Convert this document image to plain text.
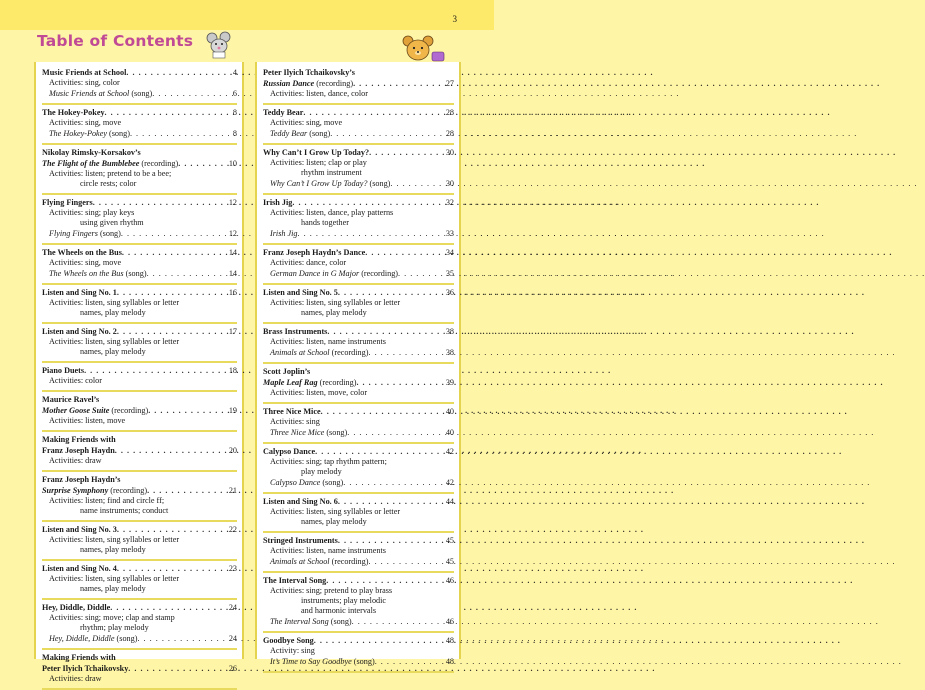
3
Table of Contents
Music Friends at School . . .	4
Activities: sing, color
Music Friends at School (song) . . .	6
The Hokey-Pokey . . .	8
Activities: sing, move
The Hokey-Pokey (song) . . .	8
Nikolay Rimsky-Korsakov’s
The Flight of the Bumblebee (recording) . . .	10
Activities: listen; pretend to be a bee;
circle rests; color
Flying Fingers . . .	12
Activities: sing; play keys
using given rhythm
Flying Fingers (song) . . .	12
The Wheels on the Bus . . .	14
Activities: sing, move
The Wheels on the Bus (song) . . .	14
Listen and Sing No. 1 . . .	16
Activities: listen, sing syllables or letter
names, play melody
Listen and Sing No. 2 . . .	17
Activities: listen, sing syllables or letter
names, play melody
Piano Duets . . .	18
Activities: color
Maurice Ravel’s
Mother Goose Suite (recording) . . .	19
Activities: listen, move
Making Friends with
Franz Joseph Haydn . . .	20
Activities: draw
Franz Joseph Haydn’s
Surprise Symphony (recording) . . .	21
Activities: listen; find and circle ff;
name instruments; conduct
Listen and Sing No. 3 . . .	22
Activities: listen, sing syllables or letter
names, play melody
Listen and Sing No. 4 . . .	23
Activities: listen, sing syllables or letter
names, play melody
Hey, Diddle, Diddle . . .	24
Activities: sing; move; clap and stamp
rhythm; play melody
Hey, Diddle, Diddle (song) . . .	24
Making Friends with
Peter Ilyich Tchaikovsky . . .	26
Activities: draw
Peter Ilyich Tchaikovsky’s
Russian Dance (recording) . . .	27
Activities: listen, dance, color
Teddy Bear . . .	28
Activities: sing, move
Teddy Bear (song) . . .	28
Why Can’t I Grow Up Today? . . .	30
Activities: listen; clap or play
rhythm instrument
Why Can’t I Grow Up Today? (song) . . .	30
Irish Jig . . .	32
Activities: listen, dance, play patterns
hands together
Irish Jig . . .	33
Franz Joseph Haydn’s Dance . . .	34
Activities: dance, color
German Dance in G Major (recording) . . .	35
Listen and Sing No. 5 . . .	36
Activities: listen, sing syllables or letter
names, play melody
Brass Instruments . . .	38
Activities: listen, name instruments
Animals at School (recording) . . .	38
Scott Joplin’s
Maple Leaf Rag (recording) . . .	39
Activities: listen, move, color
Three Nice Mice . . .	40
Activities: sing
Three Nice Mice (song) . . .	40
Calypso Dance . . .	42
Activities: sing; tap rhythm pattern;
play melody
Calypso Dance (song) . . .	42
Listen and Sing No. 6 . . .	44
Activities: listen, sing syllables or letter
names, play melody
Stringed Instruments . . .	45
Activities: listen, name instruments
Animals at School (recording) . . .	45
The Interval Song . . .	46
Activities: sing; pretend to play brass
instruments; play melodic
and harmonic intervals
The Interval Song (song) . . .	46
Goodbye Song . . .	48
Activity: sing
It’s Time to Say Goodbye (song) . . .	48
